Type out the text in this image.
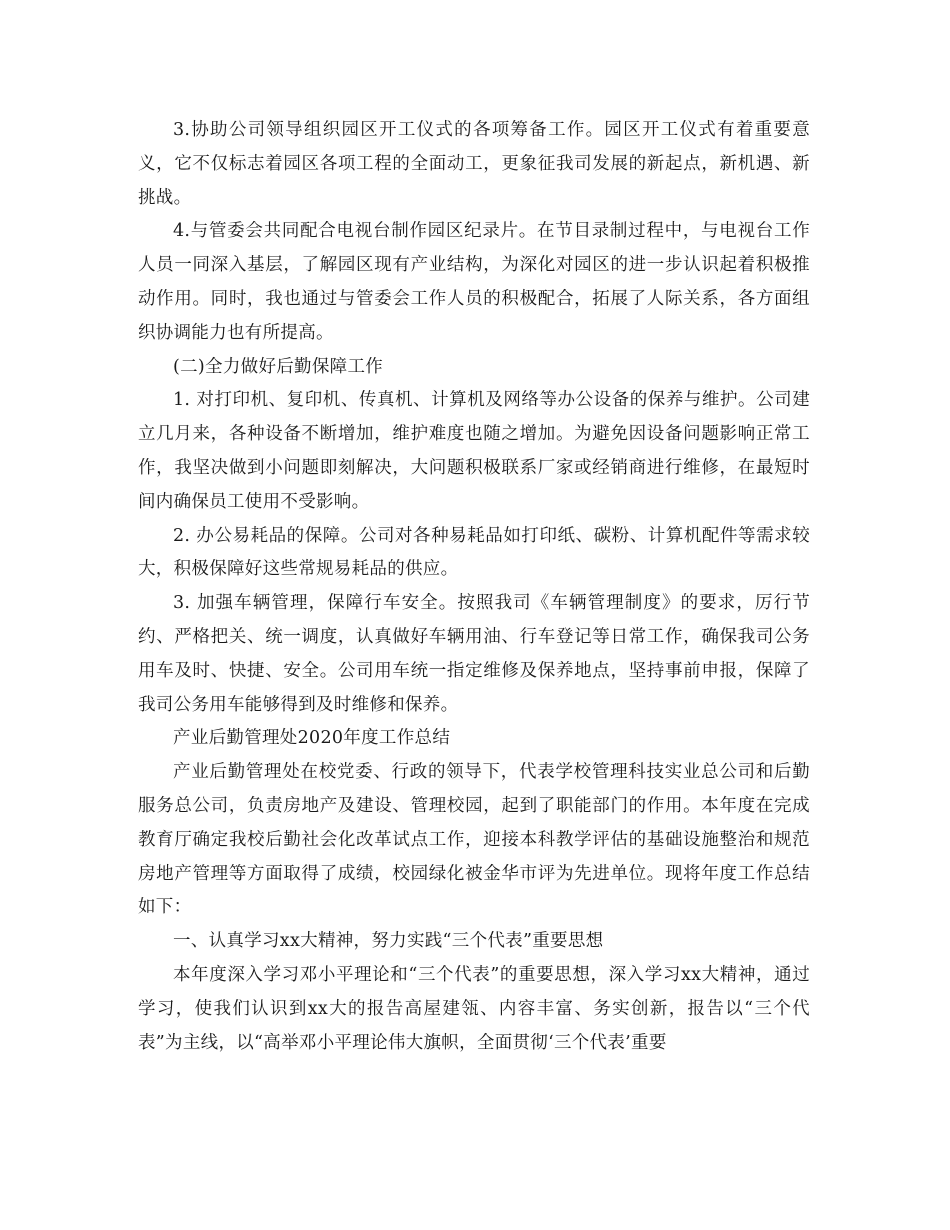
3.协助公司领导组织园区开工仪式的各项筹备工作。园区开工仪式有着重要意义，它不仅标志着园区各项工程的全面动工，更象征我司发展的新起点，新机遇、新挑战。

4.与管委会共同配合电视台制作园区纪录片。在节目录制过程中，与电视台工作人员一同深入基层，了解园区现有产业结构，为深化对园区的进一步认识起着积极推动作用。同时，我也通过与管委会工作人员的积极配合，拓展了人际关系，各方面组织协调能力也有所提高。

(二)全力做好后勤保障工作

1. 对打印机、复印机、传真机、计算机及网络等办公设备的保养与维护。公司建立几月来，各种设备不断增加，维护难度也随之增加。为避免因设备问题影响正常工作，我坚决做到小问题即刻解决，大问题积极联系厂家或经销商进行维修，在最短时间内确保员工使用不受影响。

2. 办公易耗品的保障。公司对各种易耗品如打印纸、碳粉、计算机配件等需求较大，积极保障好这些常规易耗品的供应。

3. 加强车辆管理，保障行车安全。按照我司《车辆管理制度》的要求，厉行节约、严格把关、统一调度，认真做好车辆用油、行车登记等日常工作，确保我司公务用车及时、快捷、安全。公司用车统一指定维修及保养地点，坚持事前申报，保障了我司公务用车能够得到及时维修和保养。

产业后勤管理处2020年度工作总结

产业后勤管理处在校党委、行政的领导下，代表学校管理科技实业总公司和后勤服务总公司，负责房地产及建设、管理校园，起到了职能部门的作用。本年度在完成教育厅确定我校后勤社会化改革试点工作，迎接本科教学评估的基础设施整治和规范房地产管理等方面取得了成绩，校园绿化被金华市评为先进单位。现将年度工作总结如下：

一、认真学习xx大精神，努力实践“三个代表”重要思想

本年度深入学习邓小平理论和“三个代表”的重要思想，深入学习xx大精神，通过学习，使我们认识到xx大的报告高屋建瓴、内容丰富、务实创新，报告以“三个代表”为主线，以“高举邓小平理论伟大旗帜，全面贯彻‘三个代表’重要
